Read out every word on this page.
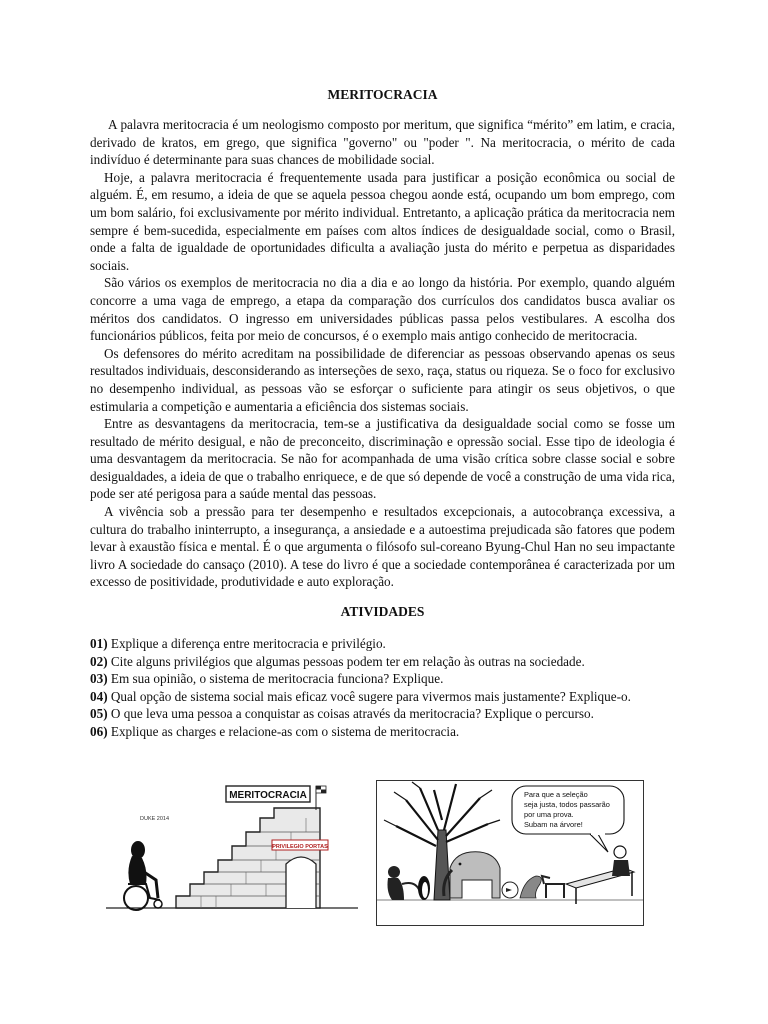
MERITOCRACIA

A palavra meritocracia é um neologismo composto por meritum, que significa “mérito” em latim, e cracia, derivado de kratos, em grego, que significa "governo" ou "poder ". Na meritocracia, o mérito de cada indivíduo é determinante para suas chances de mobilidade social.

Hoje, a palavra meritocracia é frequentemente usada para justificar a posição econômica ou social de alguém. É, em resumo, a ideia de que se aquela pessoa chegou aonde está, ocupando um bom emprego, com um bom salário, foi exclusivamente por mérito individual. Entretanto, a aplicação prática da meritocracia nem sempre é bem-sucedida, especialmente em países com altos índices de desigualdade social, como o Brasil, onde a falta de igualdade de oportunidades dificulta a avaliação justa do mérito e perpetua as disparidades sociais.

São vários os exemplos de meritocracia no dia a dia e ao longo da história. Por exemplo, quando alguém concorre a uma vaga de emprego, a etapa da comparação dos currículos dos candidatos busca avaliar os méritos dos candidatos. O ingresso em universidades públicas passa pelos vestibulares. A escolha dos funcionários públicos, feita por meio de concursos, é o exemplo mais antigo conhecido de meritocracia.

Os defensores do mérito acreditam na possibilidade de diferenciar as pessoas observando apenas os seus resultados individuais, desconsiderando as interseções de sexo, raça, status ou riqueza. Se o foco for exclusivo no desempenho individual, as pessoas vão se esforçar o suficiente para atingir os seus objetivos, o que estimularia a competição e aumentaria a eficiência dos sistemas sociais.

Entre as desvantagens da meritocracia, tem-se a justificativa da desigualdade social como se fosse um resultado de mérito desigual, e não de preconceito, discriminação e opressão social. Esse tipo de ideologia é uma desvantagem da meritocracia. Se não for acompanhada de uma visão crítica sobre classe social e sobre desigualdades, a ideia de que o trabalho enriquece, e de que só depende de você a construção de uma vida rica, pode ser até perigosa para a saúde mental das pessoas.

A vivência sob a pressão para ter desempenho e resultados excepcionais, a autocobrança excessiva, a cultura do trabalho ininterrupto, a insegurança, a ansiedade e a autoestima prejudicada são fatores que podem levar à exaustão física e mental. É o que argumenta o filósofo sul-coreano Byung-Chul Han no seu impactante livro A sociedade do cansaço (2010). A tese do livro é que a sociedade contemporânea é caracterizada por um excesso de positividade, produtividade e auto exploração.

ATIVIDADES

01) Explique a diferença entre meritocracia e privilégio.

02) Cite alguns privilégios que algumas pessoas podem ter em relação às outras na sociedade.

03) Em sua opinião, o sistema de meritocracia funciona? Explique.

04) Qual opção de sistema social mais eficaz você sugere para vivermos mais justamente? Explique-o.

05) O que leva uma pessoa a conquistar as coisas através da meritocracia? Explique o percurso.

06) Explique as charges e relacione-as com o sistema de meritocracia.

PRIVILEGIO PORTAS
MERITOCRACIA
DUKE 2014
Para que a seleção seja justa, todos passarão por uma prova. Subam na árvore!
